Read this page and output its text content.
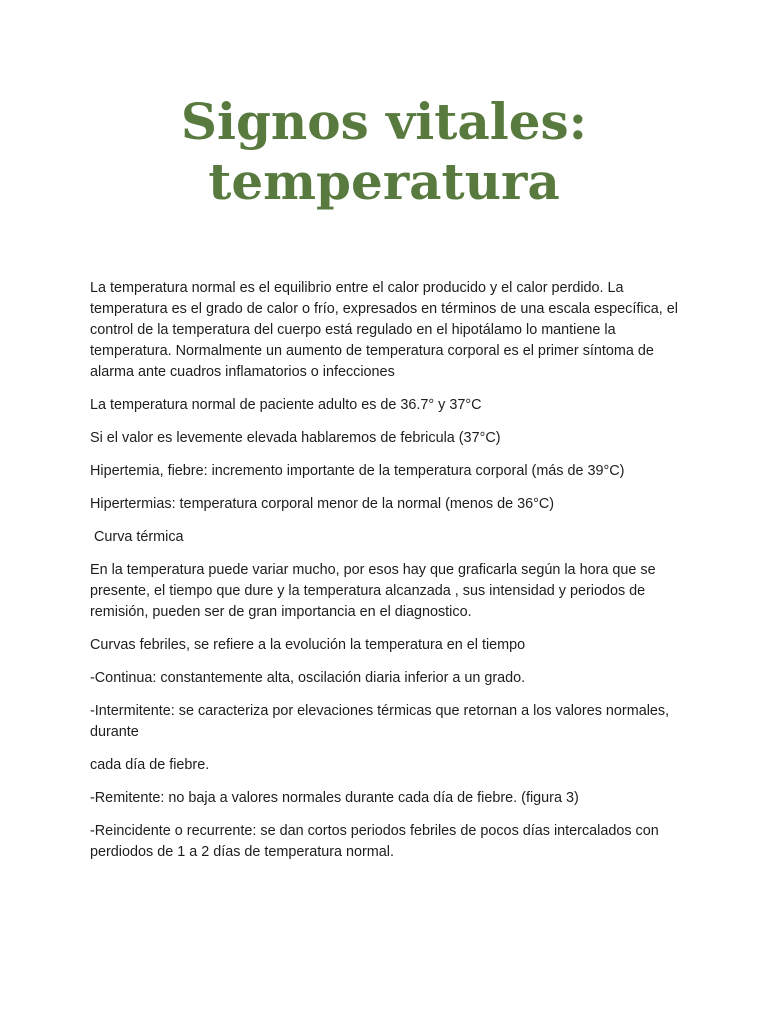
Signos vitales:
temperatura

La temperatura normal es el equilibrio entre el calor producido y el calor perdido. La temperatura es el grado de calor o frío, expresados en términos de una escala específica, el control de la temperatura del cuerpo está regulado en el hipotálamo lo mantiene la temperatura. Normalmente un aumento de temperatura corporal es el primer síntoma de alarma ante cuadros inflamatorios o infecciones

La temperatura normal de paciente adulto es de 36.7° y 37°C

Si el valor es levemente elevada hablaremos de febricula (37°C)

Hipertemia, fiebre: incremento importante de la temperatura corporal (más de 39°C)

Hipertermias: temperatura corporal menor de la normal (menos de 36°C)

Curva térmica

En la temperatura puede variar mucho, por esos hay que graficarla según la hora que se presente, el tiempo que dure y la temperatura alcanzada , sus intensidad y periodos de remisión, pueden ser de gran importancia en el diagnostico.

Curvas febriles, se refiere a la evolución la temperatura en el tiempo

-Continua: constantemente alta, oscilación diaria inferior a un grado.

-Intermitente: se caracteriza por elevaciones térmicas que retornan a los valores normales, durante

cada día de fiebre.

-Remitente: no baja a valores normales durante cada día de fiebre. (figura 3)

-Reincidente o recurrente: se dan cortos periodos febriles de pocos días intercalados con perdiodos de 1 a 2 días de temperatura normal.
